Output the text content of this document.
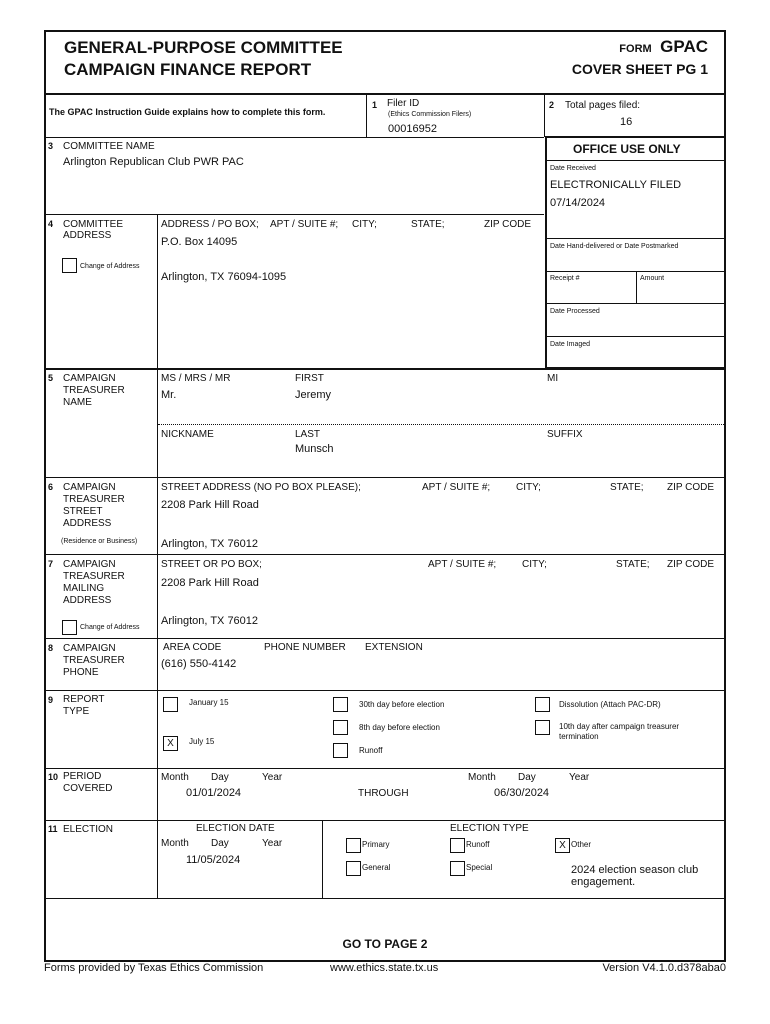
GENERAL-PURPOSE COMMITTEE
CAMPAIGN FINANCE REPORT
FORM GPAC
COVER SHEET PG 1
The GPAC Instruction Guide explains how to complete this form.
1 Filer ID
(Ethics Commission Filers)
00016952
2 Total pages filed:
16
OFFICE USE ONLY
Date Received
ELECTRONICALLY FILED
07/14/2024
Date Hand-delivered or Date Postmarked
Receipt #	Amount
Date Processed
Date Imaged
3 COMMITTEE NAME
Arlington Republican Club PWR PAC
4 COMMITTEE
ADDRESS
Change of Address
ADDRESS / PO BOX; APT / SUITE #; CITY;	STATE;	ZIP CODE
P.O. Box 14095
Arlington, TX 76094-1095
5 CAMPAIGN
TREASURER
NAME
MS / MRS / MR	FIRST	MI
Mr.	Jeremy
NICKNAME	LAST	SUFFIX
Munsch
6 CAMPAIGN
TREASURER
STREET
ADDRESS
(Residence or Business)
STREET ADDRESS (NO PO BOX PLEASE);	APT / SUITE #;	CITY;	STATE; ZIP CODE
2208 Park Hill Road
Arlington, TX 76012
7 CAMPAIGN
TREASURER
MAILING
ADDRESS
Change of Address
STREET OR PO BOX;	APT / SUITE #;	CITY;	STATE; ZIP CODE
2208 Park Hill Road
Arlington, TX 76012
8 CAMPAIGN
TREASURER
PHONE
AREA CODE	PHONE NUMBER EXTENSION
(616) 550-4142
9 REPORT
TYPE
January 15
X	July 15
30th day before election
8th day before election
Runoff
Dissolution (Attach PAC-DR)
10th day after campaign treasurer
termination
10 PERIOD
COVERED
Month Day	Year
01/01/2024	THROUGH
Month Day	Year
06/30/2024
11 ELECTION	ELECTION DATE
Month Day	Year
11/05/2024
ELECTION TYPE
Primary	Runoff	X Other
General	Special	2024 election season club
engagement.
GO TO PAGE 2
Forms provided by Texas Ethics Commission	www.ethics.state.tx.us	Version V4.1.0.d378aba0
